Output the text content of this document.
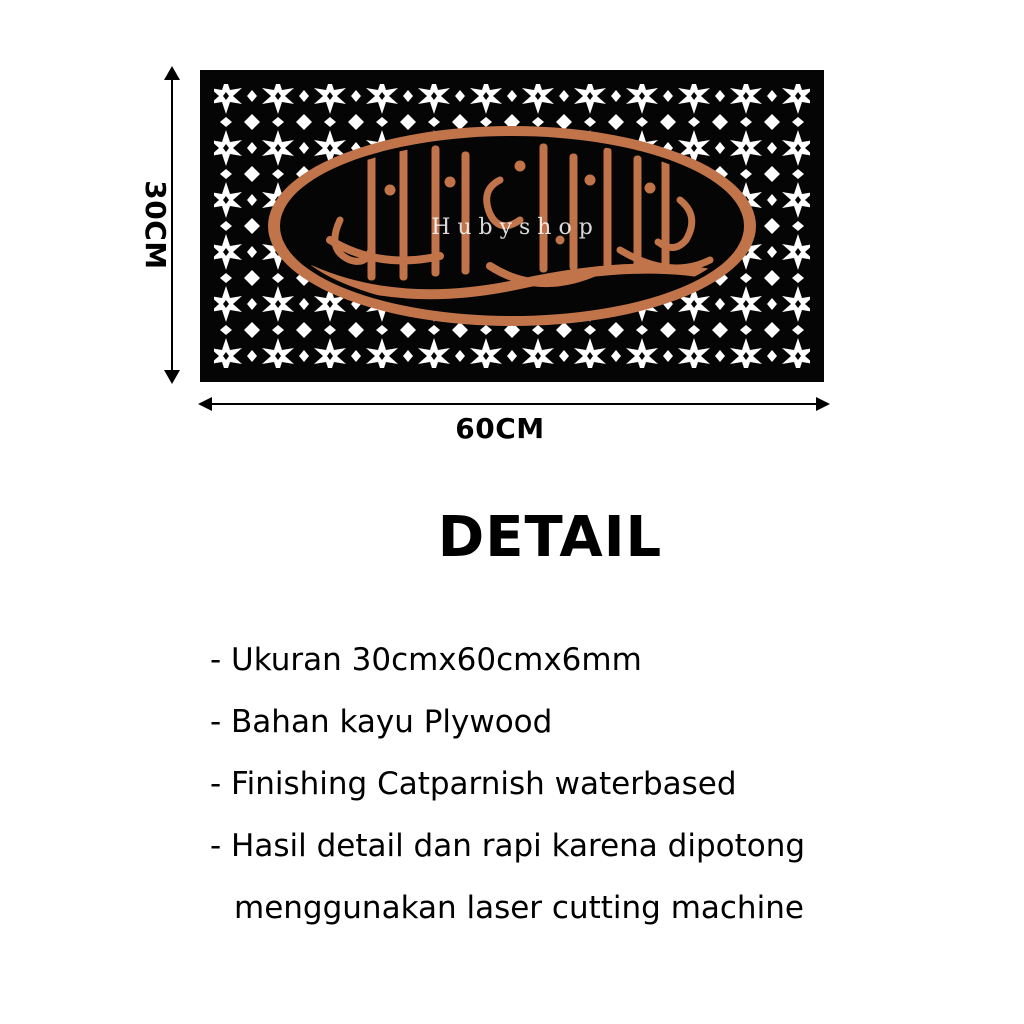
30CM	H u b y s h o p
60CM
DETAIL
- Ukuran 30cmx60cmx6mm
- Bahan kayu Plywood
- Finishing Catparnish waterbased
- Hasil detail dan rapi karena dipotong
menggunakan laser cutting machine
